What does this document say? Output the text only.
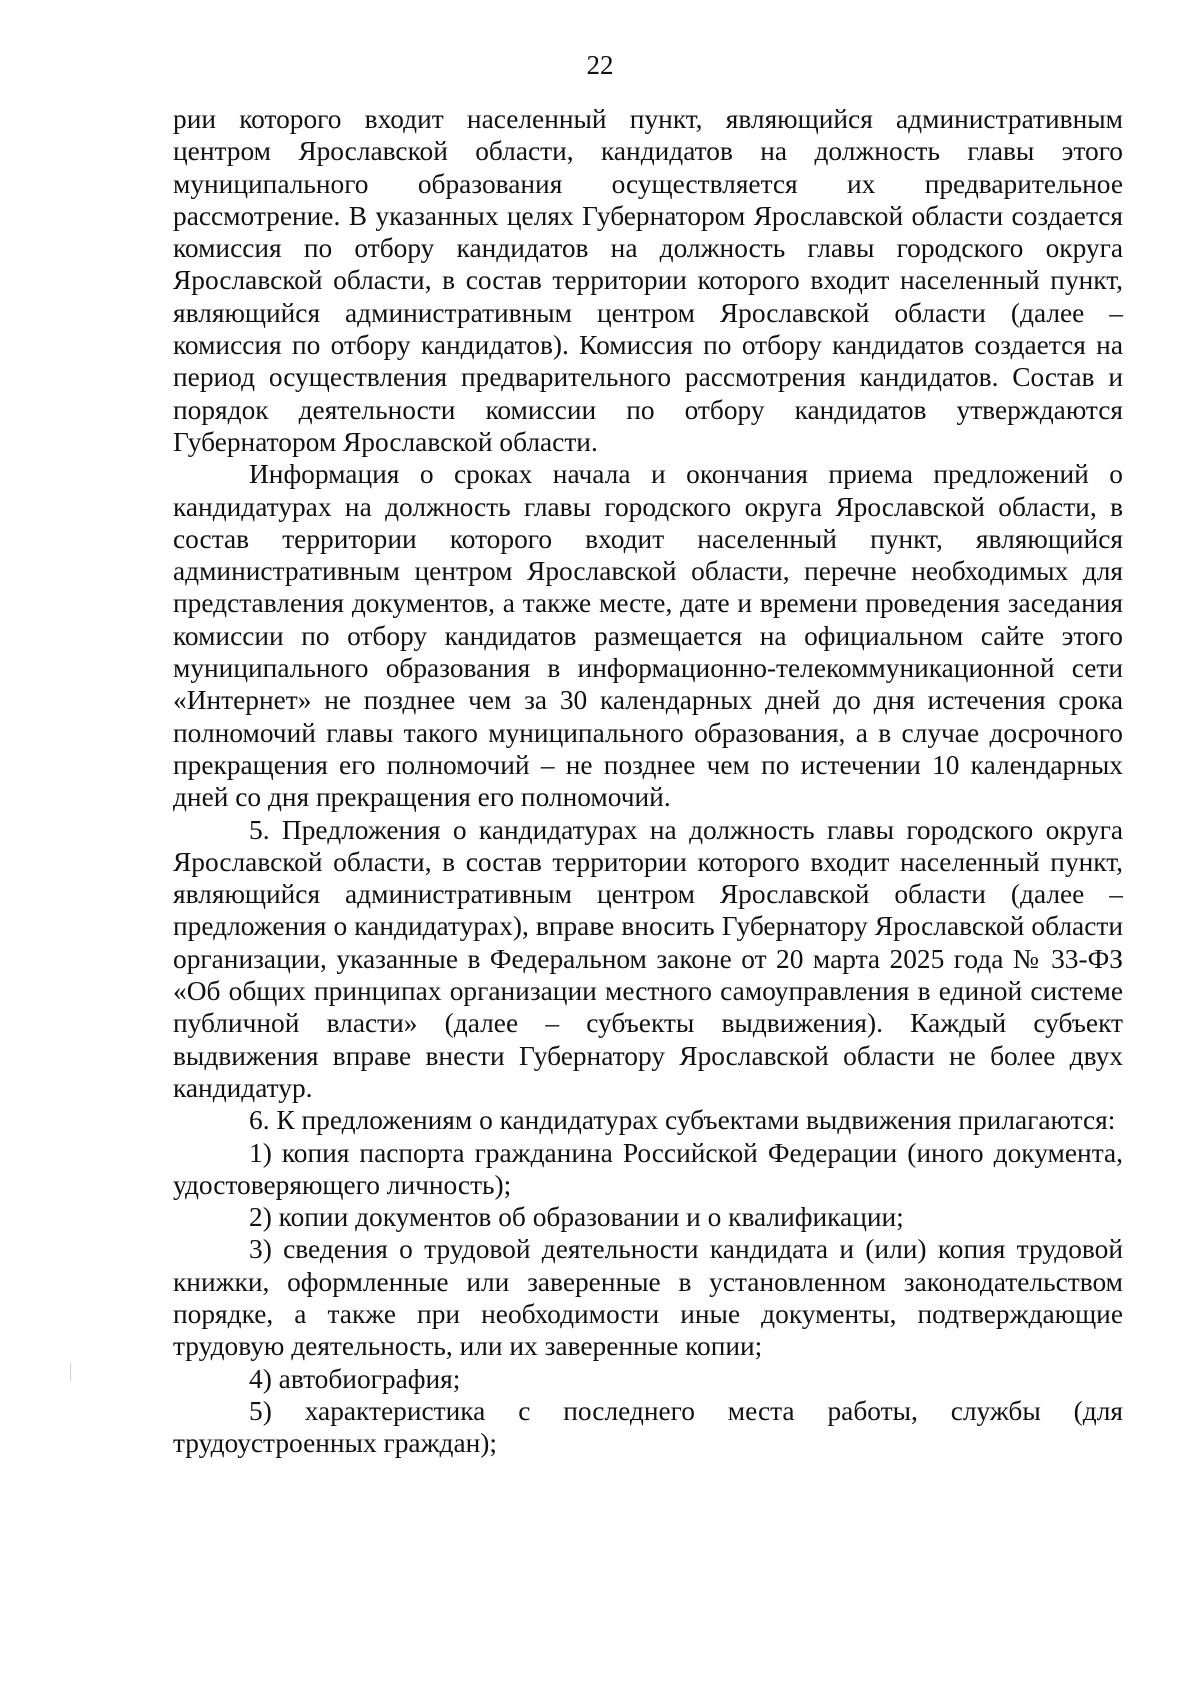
22

рии которого входит населенный пункт, являющийся административным центром Ярославской области, кандидатов на должность главы этого муниципального образования осуществляется их предварительное рассмотрение. В указанных целях Губернатором Ярославской области создается комиссия по отбору кандидатов на должность главы городского округа Ярославской области, в состав территории которого входит населенный пункт, являющийся административным центром Ярославской области (далее – комиссия по отбору кандидатов). Комиссия по отбору кандидатов создается на период осуществления предварительного рассмотрения кандидатов. Состав и порядок деятельности комиссии по отбору кандидатов утверждаются Губернатором Ярославской области.

Информация о сроках начала и окончания приема предложений о кандидатурах на должность главы городского округа Ярославской области, в состав территории которого входит населенный пункт, являющийся административным центром Ярославской области, перечне необходимых для представления документов, а также месте, дате и времени проведения заседания комиссии по отбору кандидатов размещается на официальном сайте этого муниципального образования в информационно-телекоммуникационной сети «Интернет» не позднее чем за 30 календарных дней до дня истечения срока полномочий главы такого муниципального образования, а в случае досрочного прекращения его полномочий – не позднее чем по истечении 10 календарных дней со дня прекращения его полномочий.

5. Предложения о кандидатурах на должность главы городского округа Ярославской области, в состав территории которого входит населенный пункт, являющийся административным центром Ярославской области (далее – предложения о кандидатурах), вправе вносить Губернатору Ярославской области организации, указанные в Федеральном законе от 20 марта 2025 года № 33-ФЗ «Об общих принципах организации местного самоуправления в единой системе публичной власти» (далее – субъекты выдвижения). Каждый субъект выдвижения вправе внести Губернатору Ярославской области не более двух кандидатур.

6. К предложениям о кандидатурах субъектами выдвижения прилагаются:

1) копия паспорта гражданина Российской Федерации (иного документа, удостоверяющего личность);

2) копии документов об образовании и о квалификации;

3) сведения о трудовой деятельности кандидата и (или) копия трудовой книжки, оформленные или заверенные в установленном законодательством порядке, а также при необходимости иные документы, подтверждающие трудовую деятельность, или их заверенные копии;

4) автобиография;

5) характеристика с последнего места работы, службы (для трудоустроенных граждан);
